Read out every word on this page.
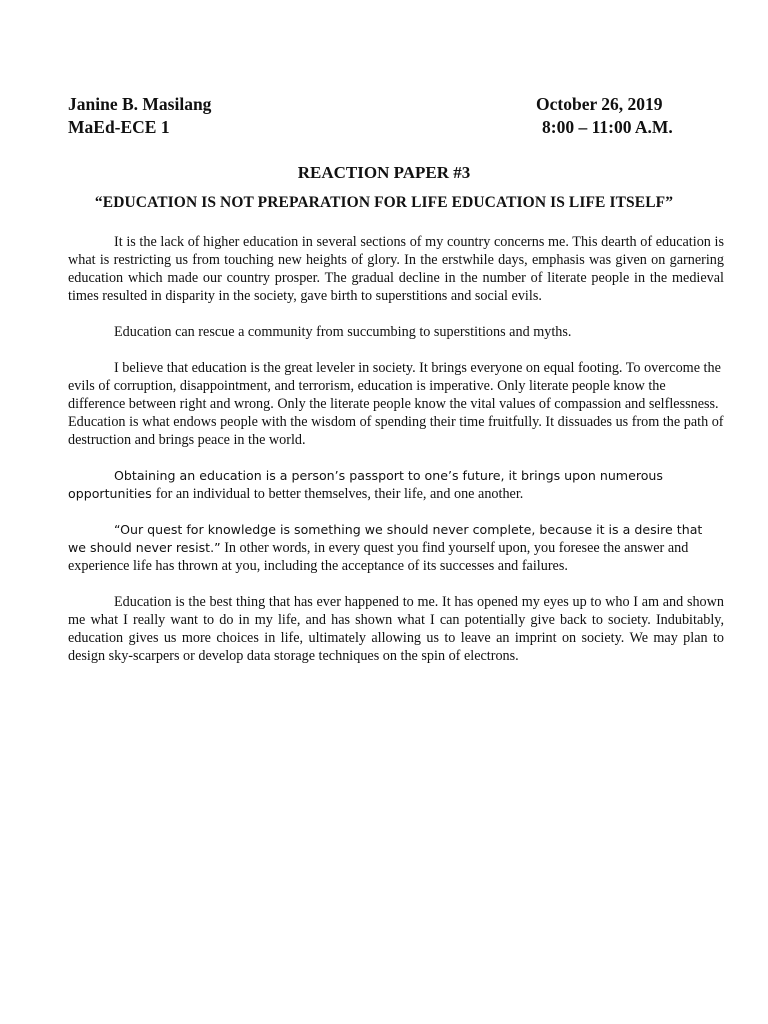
Janine B. Masilang	October 26, 2019
MaEd-ECE 1	8:00 – 11:00 A.M.
REACTION PAPER #3
“EDUCATION IS NOT PREPARATION FOR LIFE EDUCATION IS LIFE ITSELF”

It is the lack of higher education in several sections of my country concerns me. This dearth of education is what is restricting us from touching new heights of glory. In the erstwhile days, emphasis was given on garnering education which made our country prosper. The gradual decline in the number of literate people in the medieval times resulted in disparity in the society, gave birth to superstitions and social evils.

Education can rescue a community from succumbing to superstitions and myths.

I believe that education is the great leveler in society. It brings everyone on equal footing. To overcome the evils of corruption, disappointment, and terrorism, education is imperative. Only literate people know the difference between right and wrong. Only the literate people know the vital values of compassion and selflessness. Education is what endows people with the wisdom of spending their time fruitfully. It dissuades us from the path of destruction and brings peace in the world.

Obtaining an education is a person’s passport to one’s future, it brings upon numerous opportunities for an individual to better themselves, their life, and one another.

“Our quest for knowledge is something we should never complete, because it is a desire that we should never resist.” In other words, in every quest you find yourself upon, you foresee the answer and experience life has thrown at you, including the acceptance of its successes and failures.

Education is the best thing that has ever happened to me. It has opened my eyes up to who I am and shown me what I really want to do in my life, and has shown what I can potentially give back to society. Indubitably, education gives us more choices in life, ultimately allowing us to leave an imprint on society. We may plan to design sky-scarpers or develop data storage techniques on the spin of electrons.
